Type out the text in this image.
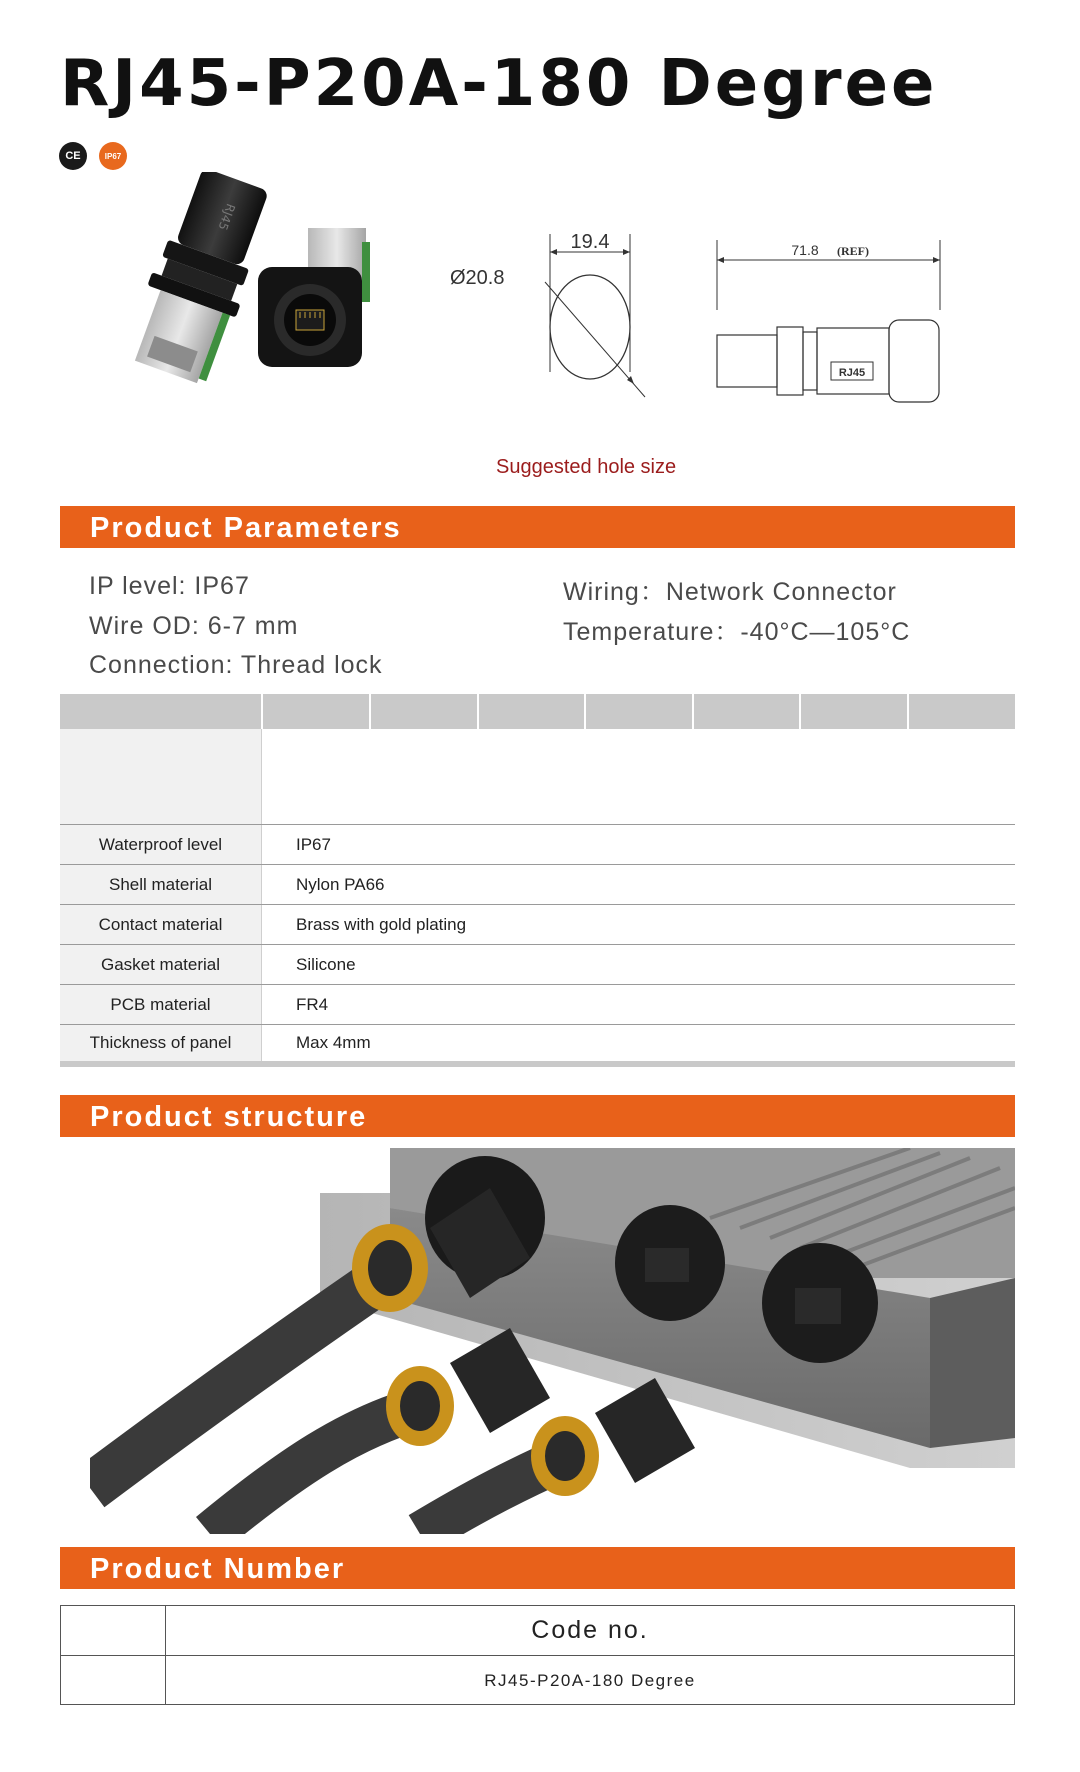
RJ45-P20A-180 Degree
CE	IP67
RJ45
19.4
Ø20.8
71.8 (REF)
RJ45
Suggested hole size
Product Parameters
IP level: IP67
Wire OD: 6-7 mm
Connection: Thread lock
Wiring：Network Connector
Temperature：-40°C—105°C
Waterproof level	IP67
Shell material	Nylon PA66
Contact material	Brass with gold plating
Gasket material	Silicone
PCB material	FR4
Thickness of panel	Max 4mm
Product structure
Product Number
Code no.
RJ45-P20A-180 Degree
